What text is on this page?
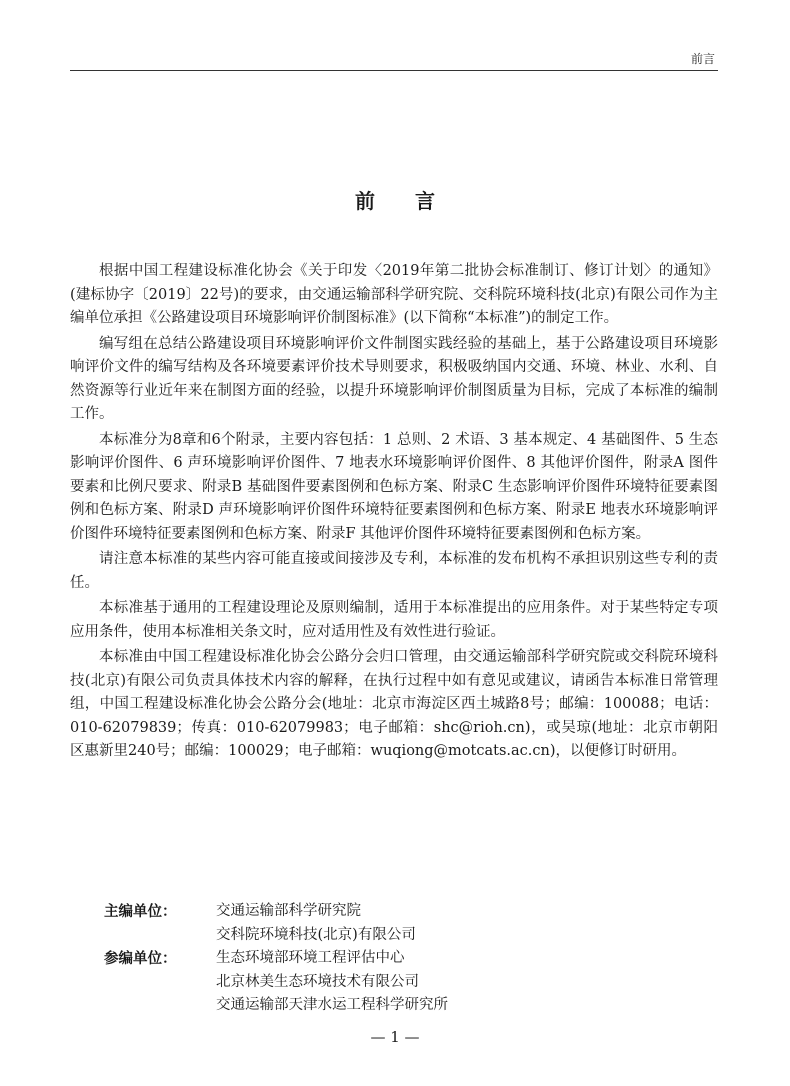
前言
前言

根据中国工程建设标准化协会《关于印发〈2019年第二批协会标准制订、修订计划〉的通知》(建标协字〔2019〕22号)的要求，由交通运输部科学研究院、交科院环境科技(北京)有限公司作为主编单位承担《公路建设项目环境影响评价制图标准》(以下简称“本标准”)的制定工作。

编写组在总结公路建设项目环境影响评价文件制图实践经验的基础上，基于公路建设项目环境影响评价文件的编写结构及各环境要素评价技术导则要求，积极吸纳国内交通、环境、林业、水利、自然资源等行业近年来在制图方面的经验，以提升环境影响评价制图质量为目标，完成了本标准的编制工作。

本标准分为8章和6个附录，主要内容包括：1 总则、2 术语、3 基本规定、4 基础图件、5 生态影响评价图件、6 声环境影响评价图件、7 地表水环境影响评价图件、8 其他评价图件，附录A 图件要素和比例尺要求、附录B 基础图件要素图例和色标方案、附录C 生态影响评价图件环境特征要素图例和色标方案、附录D 声环境影响评价图件环境特征要素图例和色标方案、附录E 地表水环境影响评价图件环境特征要素图例和色标方案、附录F 其他评价图件环境特征要素图例和色标方案。

请注意本标准的某些内容可能直接或间接涉及专利，本标准的发布机构不承担识别这些专利的责任。

本标准基于通用的工程建设理论及原则编制，适用于本标准提出的应用条件。对于某些特定专项应用条件，使用本标准相关条文时，应对适用性及有效性进行验证。

本标准由中国工程建设标准化协会公路分会归口管理，由交通运输部科学研究院或交科院环境科技(北京)有限公司负责具体技术内容的解释，在执行过程中如有意见或建议，请函告本标准日常管理组，中国工程建设标准化协会公路分会(地址：北京市海淀区西土城路8号；邮编：100088；电话：010-62079839；传真：010-62079983；电子邮箱：shc@rioh.cn)，或吴琼(地址：北京市朝阳区惠新里240号；邮编：100029；电子邮箱：wuqiong@motcats.ac.cn)，以便修订时研用。

主编单位：	交通运输部科学研究院
交科院环境科技(北京)有限公司
参编单位：	生态环境部环境工程评估中心
北京林美生态环境技术有限公司
交通运输部天津水运工程科学研究所
— 1 —
